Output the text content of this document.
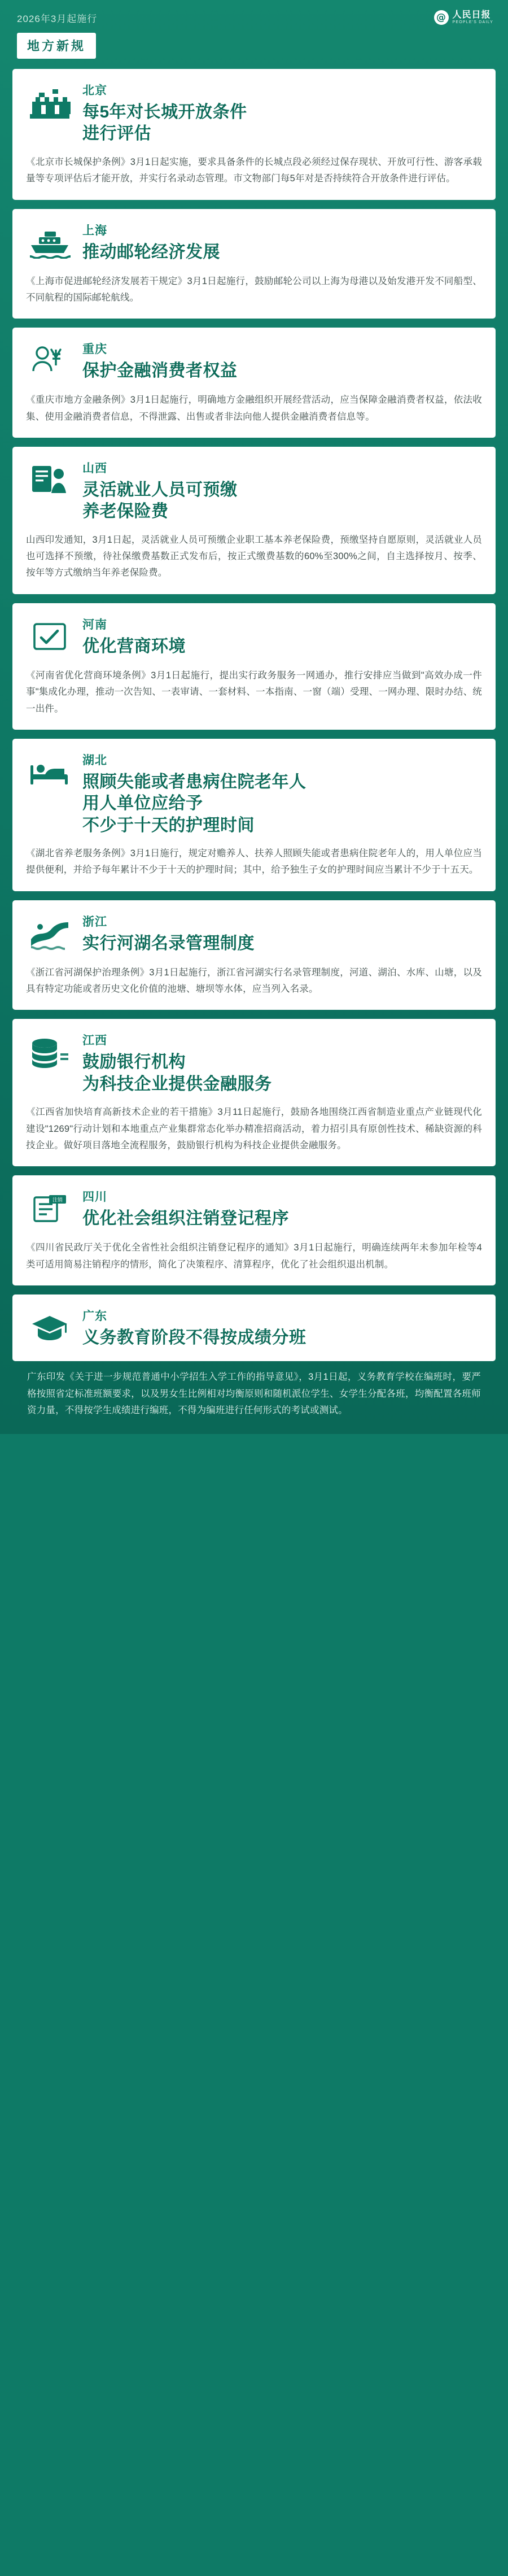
2026年3月起施行	@ 人民日报
PEOPLE'S DAILY
地方新规
北京
每5年对长城开放条件
进行评估
《北京市长城保护条例》3月1日起实施，要求具备条件的长城点段必须经过保存现状、开放可行性、游客承载量等专项评估后才能开放，并实行名录动态管理。市文物部门每5年对是否持续符合开放条件进行评估。
上海
推动邮轮经济发展
《上海市促进邮轮经济发展若干规定》3月1日起施行，鼓励邮轮公司以上海为母港以及始发港开发不同船型、不同航程的国际邮轮航线。
重庆
保护金融消费者权益
《重庆市地方金融条例》3月1日起施行，明确地方金融组织开展经营活动，应当保障金融消费者权益，依法收集、使用金融消费者信息，不得泄露、出售或者非法向他人提供金融消费者信息等。
山西
灵活就业人员可预缴
养老保险费
山西印发通知，3月1日起，灵活就业人员可预缴企业职工基本养老保险费，预缴坚持自愿原则，灵活就业人员也可选择不预缴，待社保缴费基数正式发布后，按正式缴费基数的60%至300%之间，自主选择按月、按季、按年等方式缴纳当年养老保险费。
河南
优化营商环境
《河南省优化营商环境条例》3月1日起施行，提出实行政务服务一网通办，推行安排应当做到"高效办成一件事"集成化办理，推动一次告知、一表审请、一套材料、一本指南、一窗（端）受理、一网办理、限时办结、统一出件。
湖北
照顾失能或者患病住院老年人
用人单位应给予
不少于十天的护理时间
《湖北省养老服务条例》3月1日施行，规定对赡养人、扶养人照顾失能或者患病住院老年人的，用人单位应当提供便利，并给予每年累计不少于十天的护理时间；其中，给予独生子女的护理时间应当累计不少于十五天。
浙江
实行河湖名录管理制度
《浙江省河湖保护治理条例》3月1日起施行，浙江省河湖实行名录管理制度，河道、湖泊、水库、山塘，以及具有特定功能或者历史文化价值的池塘、塘坝等水体，应当列入名录。
江西
鼓励银行机构
为科技企业提供金融服务
《江西省加快培育高新技术企业的若干措施》3月11日起施行，鼓励各地围绕江西省制造业重点产业链现代化建设"1269"行动计划和本地重点产业集群常态化举办精准招商活动，着力招引具有原创性技术、稀缺资源的科技企业。做好项目落地全流程服务，鼓励银行机构为科技企业提供金融服务。
注销 四川
优化社会组织注销登记程序
《四川省民政厅关于优化全省性社会组织注销登记程序的通知》3月1日起施行，明确连续两年未参加年检等4类可适用简易注销程序的情形，简化了决策程序、清算程序，优化了社会组织退出机制。
广东
义务教育阶段不得按成绩分班
广东印发《关于进一步规范普通中小学招生入学工作的指导意见》，3月1日起，义务教育学校在编班时，要严格按照省定标准班额要求，以及男女生比例相对均衡原则和随机派位学生、女学生分配各班，均衡配置各班师资力量，不得按学生成绩进行编班，不得为编班进行任何形式的考试或测试。
